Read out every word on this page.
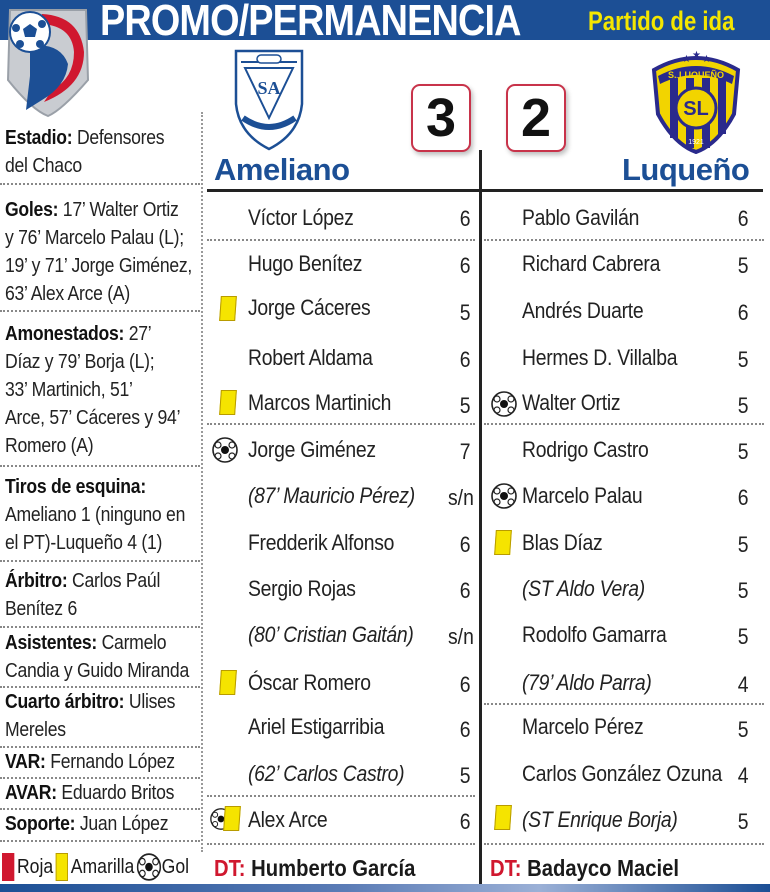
PROMO/PERMANENCIA Partido de ida
SA
S. LUQUEÑO
SL
★ ★ ★
1921
3 2
Ameliano	Luqueño
Estadio: Defensores
del Chaco
Goles: 17’ Walter Ortiz
y 76’ Marcelo Palau (L);
19’ y 71’ Jorge Giménez,
63’ Alex Arce (A)
Amonestados: 27’
Díaz y 79’ Borja (L);
33’ Martinich, 51’
Arce, 57’ Cáceres y 94’
Romero (A)
Tiros de esquina:
Ameliano 1 (ninguno en
el PT)-Luqueño 4 (1)
Árbitro: Carlos Paúl
Benítez 6
Asistentes: Carmelo
Candia y Guido Miranda
Cuarto árbitro: Ulises
Mereles
VAR: Fernando López
AVAR: Eduardo Britos
Soporte: Juan López
Víctor López	6
Hugo Benítez	6
Jorge Cáceres	5
Robert Aldama	6
Marcos Martinich	5
Jorge Giménez	7
(87’ Mauricio Pérez) s/n
Fredderik Alfonso	6
Sergio Rojas	6
(80’ Cristian Gaitán) s/n
Óscar Romero	6
Ariel Estigarribia	6
(62’ Carlos Castro)	5
Alex Arce	6
Pablo Gavilán	6
Richard Cabrera	5
Andrés Duarte	6
Hermes D. Villalba	5
Walter Ortiz	5
Rodrigo Castro	5
Marcelo Palau	6
Blas Díaz	5
(ST Aldo Vera)	5
Rodolfo Gamarra	5
(79’ Aldo Parra)	4
Marcelo Pérez	5
Carlos González Ozuna 4
(ST Enrique Borja)	5
DT: Humberto García	DT: Badayco Maciel
Roja Amarilla Gol
